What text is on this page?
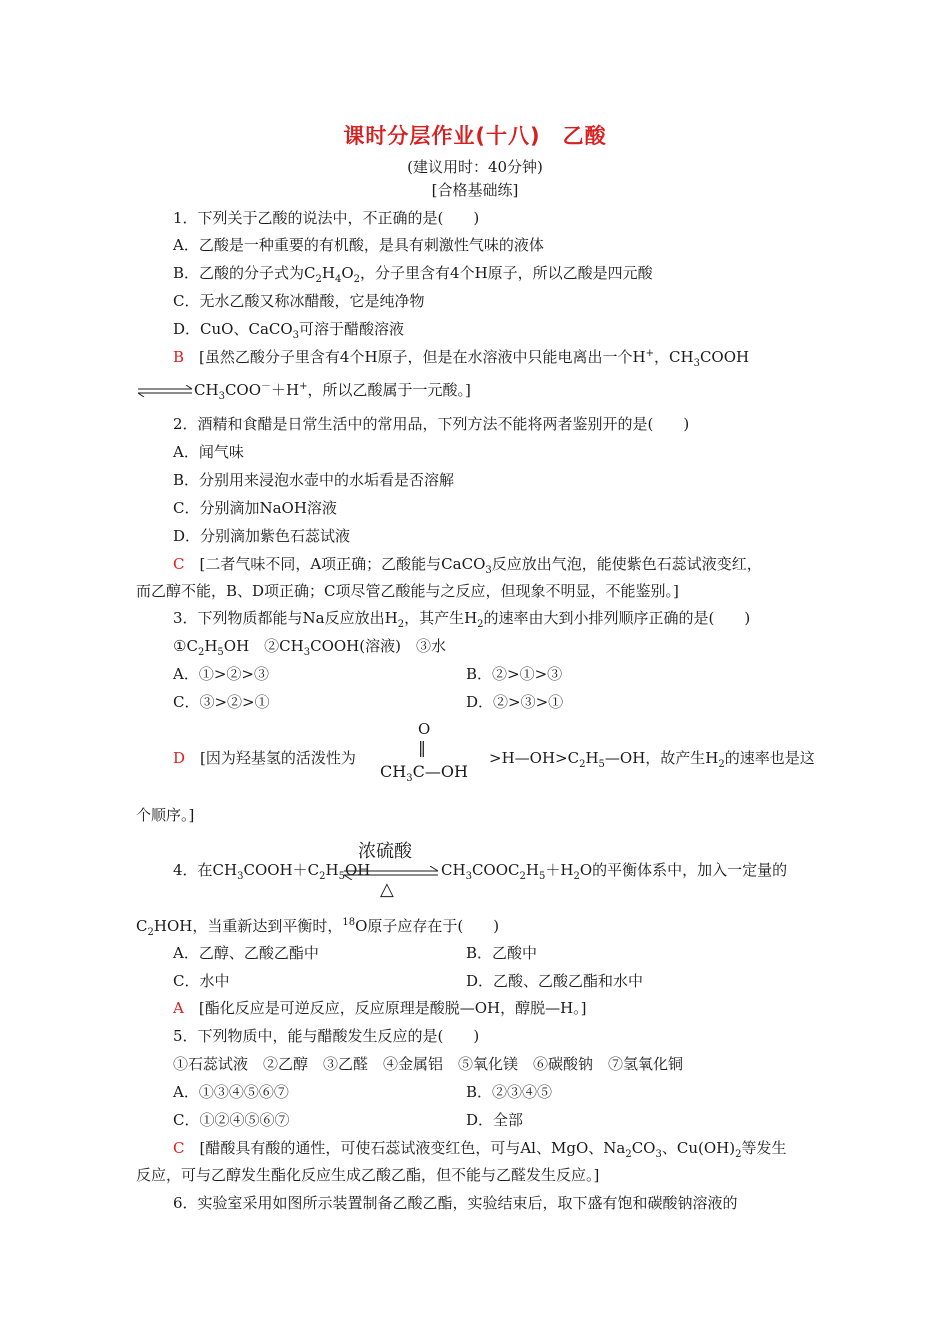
课时分层作业(十八)　乙酸
(建议用时：40分钟)
[合格基础练]
1．下列关于乙酸的说法中，不正确的是(　　)
A．乙酸是一种重要的有机酸，是具有刺激性气味的液体
B．乙酸的分子式为$C_2H_4O_2$，分子里含有4个H原子，所以乙酸是四元酸
C．无水乙酸又称冰醋酸，它是纯净物
D．CuO、CaCO$_3$可溶于醋酸溶液
B　 [虽然乙酸分子里含有4个H原子，但是在水溶液中只能电离出一个H+，$CH_3COOH$
$\rightleftharpoons CH_3COO^-+H^+$，所以乙酸属于一元酸。]
2．酒精和食醋是日常生活中的常用品，下列方法不能将两者鉴别开的是(　　)
A．闻气味
B．分别用来浸泡水壶中的水垢看是否溶解
C．分别滴加NaOH溶液
D．分别滴加紫色石蕊试液
C　 [二者气味不同，A项正确；乙酸能与CaCO$_3$反应放出气泡，能使紫色石蕊试液变红，
而乙醇不能，B、D项正确；C项尽管乙酸能与之反应，但现象不明显，不能鉴别。]
3．下列物质都能与Na反应放出$H_2$，其产生$H_2$的速率由大到小排列顺序正确的是(　　)
$①C_2H_5OH$　$②CH_3COOH$(溶液)　③水
A．①>②>③	B．②>①>③
C．③>②>①	D．②>③>①
D　 [因为羟基氢的活泼性为
O
‖
$CH_3C—OH$
$>H—OH>C_2H_5—OH$，故产生$H_2$的速率也是这
个顺序。]
浓硫酸
△
4．在$CH_3COOH+C_2H_5OH$	$CH_3COOC_2H_5+H_2O$的平衡体系中，加入一定量的
$C_2HOH$，当重新达到平衡时，$^{18}$O原子应存在于(　　)
A．乙醇、乙酸乙酯中	B．乙酸中
C．水中	D．乙酸、乙酸乙酯和水中
A　 [酯化反应是可逆反应，反应原理是酸脱—OH，醇脱—H。]
5．下列物质中，能与醋酸发生反应的是(　　)
①石蕊试液　②乙醇　③乙醛　④金属铝　⑤氧化镁　⑥碳酸钠　⑦氢氧化铜
A．①③④⑤⑥⑦	B．②③④⑤
C．①②④⑤⑥⑦	D．全部
C　 [醋酸具有酸的通性，可使石蕊试液变红色，可与Al、MgO、$Na_2CO_3$、$Cu(OH)_2$等发生
反应，可与乙醇发生酯化反应生成乙酸乙酯，但不能与乙醛发生反应。]
6．实验室采用如图所示装置制备乙酸乙酯，实验结束后，取下盛有饱和碳酸钠溶液的
